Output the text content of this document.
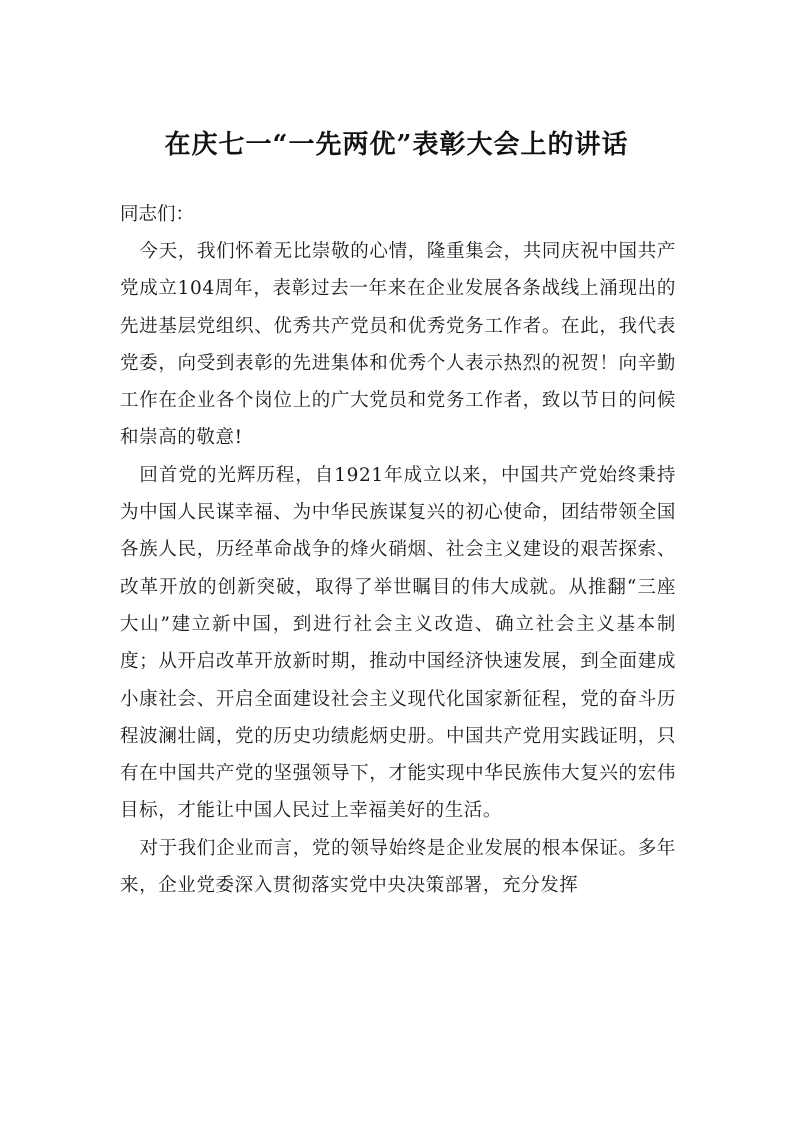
在庆七一“一先两优”表彰大会上的讲话

同志们：

今天，我们怀着无比崇敬的心情，隆重集会，共同庆祝中国共产党成立104周年，表彰过去一年来在企业发展各条战线上涌现出的先进基层党组织、优秀共产党员和优秀党务工作者。在此，我代表党委，向受到表彰的先进集体和优秀个人表示热烈的祝贺！向辛勤工作在企业各个岗位上的广大党员和党务工作者，致以节日的问候和崇高的敬意!

回首党的光辉历程，自1921年成立以来，中国共产党始终秉持为中国人民谋幸福、为中华民族谋复兴的初心使命，团结带领全国各族人民，历经革命战争的烽火硝烟、社会主义建设的艰苦探索、改革开放的创新突破，取得了举世瞩目的伟大成就。从推翻“三座大山”建立新中国，到进行社会主义改造、确立社会主义基本制度；从开启改革开放新时期，推动中国经济快速发展，到全面建成小康社会、开启全面建设社会主义现代化国家新征程，党的奋斗历程波澜壮阔，党的历史功绩彪炳史册。中国共产党用实践证明，只有在中国共产党的坚强领导下，才能实现中华民族伟大复兴的宏伟目标，才能让中国人民过上幸福美好的生活。

对于我们企业而言，党的领导始终是企业发展的根本保证。多年来，企业党委深入贯彻落实党中央决策部署，充分发挥
